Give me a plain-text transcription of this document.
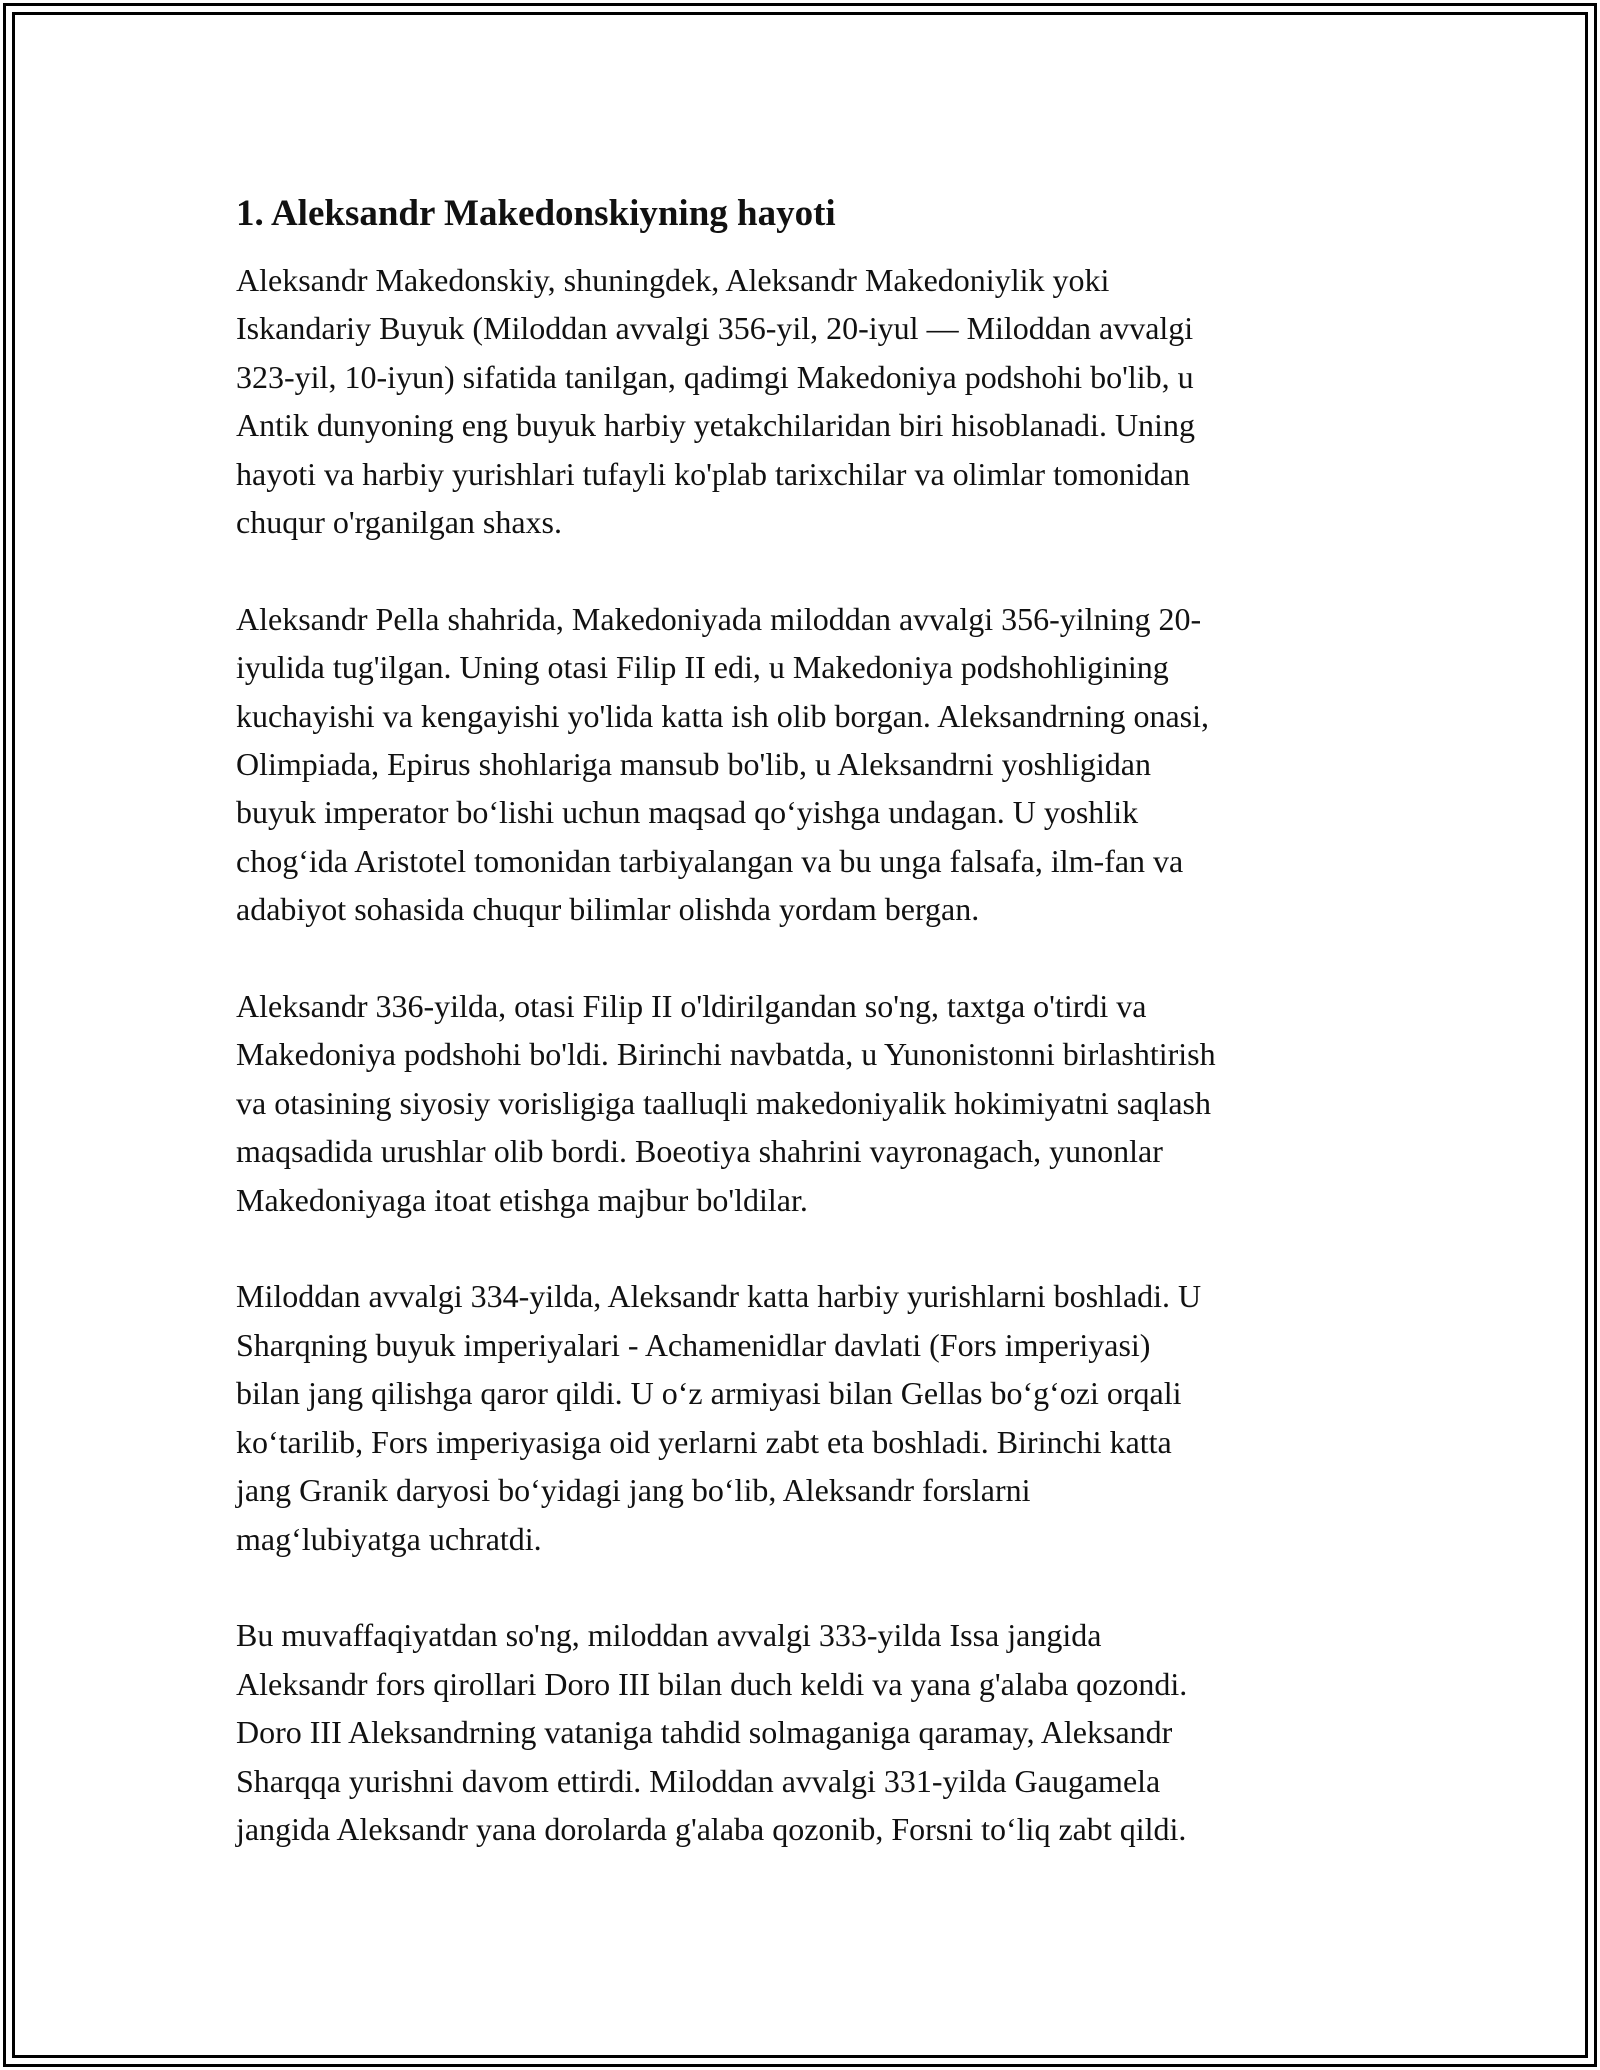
1. Aleksandr Makedonskiyning hayoti

Aleksandr Makedonskiy, shuningdek, Aleksandr Makedoniylik yoki
Iskandariy Buyuk (Miloddan avvalgi 356-yil, 20-iyul — Miloddan avvalgi
323-yil, 10-iyun) sifatida tanilgan, qadimgi Makedoniya podshohi bo'lib, u
Antik dunyoning eng buyuk harbiy yetakchilaridan biri hisoblanadi. Uning
hayoti va harbiy yurishlari tufayli ko'plab tarixchilar va olimlar tomonidan
chuqur o'rganilgan shaxs.

Aleksandr Pella shahrida, Makedoniyada miloddan avvalgi 356-yilning 20-
iyulida tug'ilgan. Uning otasi Filip II edi, u Makedoniya podshohligining
kuchayishi va kengayishi yo'lida katta ish olib borgan. Aleksandrning onasi,
Olimpiada, Epirus shohlariga mansub bo'lib, u Aleksandrni yoshligidan
buyuk imperator bo‘lishi uchun maqsad qo‘yishga undagan. U yoshlik
chog‘ida Aristotel tomonidan tarbiyalangan va bu unga falsafa, ilm-fan va
adabiyot sohasida chuqur bilimlar olishda yordam bergan.

Aleksandr 336-yilda, otasi Filip II o'ldirilgandan so'ng, taxtga o'tirdi va
Makedoniya podshohi bo'ldi. Birinchi navbatda, u Yunonistonni birlashtirish
va otasining siyosiy vorisligiga taalluqli makedoniyalik hokimiyatni saqlash
maqsadida urushlar olib bordi. Boeotiya shahrini vayronagach, yunonlar
Makedoniyaga itoat etishga majbur bo'ldilar.

Miloddan avvalgi 334-yilda, Aleksandr katta harbiy yurishlarni boshladi. U
Sharqning buyuk imperiyalari - Achamenidlar davlati (Fors imperiyasi)
bilan jang qilishga qaror qildi. U o‘z armiyasi bilan Gellas bo‘g‘ozi orqali
ko‘tarilib, Fors imperiyasiga oid yerlarni zabt eta boshladi. Birinchi katta
jang Granik daryosi bo‘yidagi jang bo‘lib, Aleksandr forslarni
mag‘lubiyatga uchratdi.

Bu muvaffaqiyatdan so'ng, miloddan avvalgi 333-yilda Issa jangida
Aleksandr fors qirollari Doro III bilan duch keldi va yana g'alaba qozondi.
Doro III Aleksandrning vataniga tahdid solmaganiga qaramay, Aleksandr
Sharqqa yurishni davom ettirdi. Miloddan avvalgi 331-yilda Gaugamela
jangida Aleksandr yana dorolarda g'alaba qozonib, Forsni to‘liq zabt qildi.
